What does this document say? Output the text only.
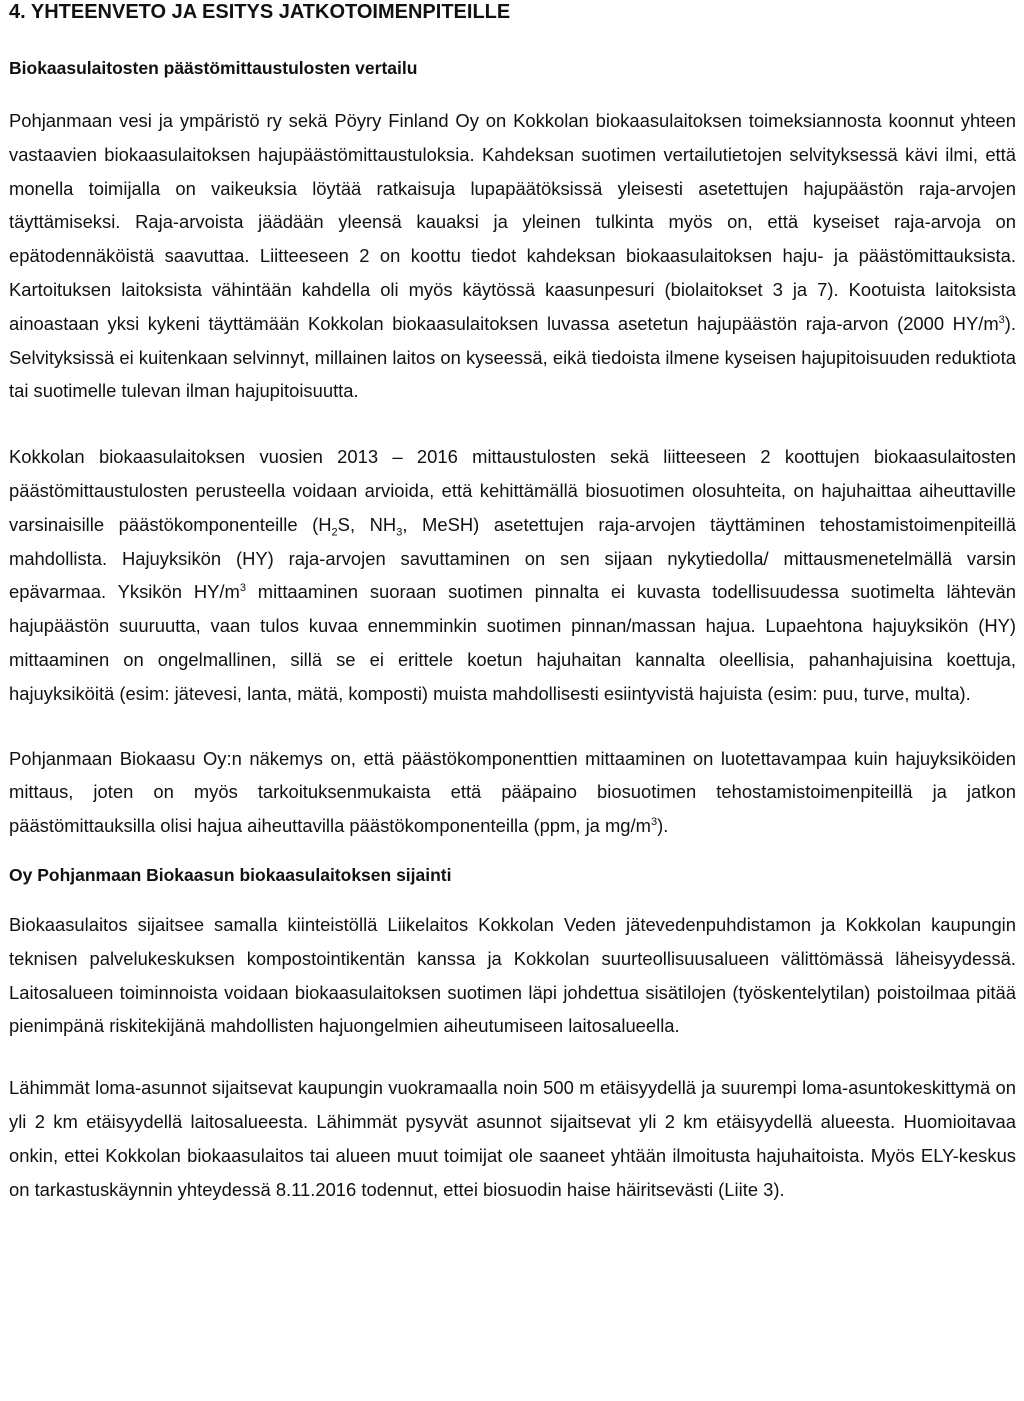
4. YHTEENVETO JA ESITYS JATKOTOIMENPITEILLE
Biokaasulaitosten päästömittaustulosten vertailu

Pohjanmaan vesi ja ympäristö ry sekä Pöyry Finland Oy on Kokkolan biokaasulaitoksen toimeksiannosta koonnut yhteen vastaavien biokaasulaitoksen hajupäästömittaustuloksia. Kahdeksan suotimen vertailutietojen selvityksessä kävi ilmi, että monella toimijalla on vaikeuksia löytää ratkaisuja lupapäätöksissä yleisesti asetettujen hajupäästön raja-arvojen täyttämiseksi. Raja-arvoista jäädään yleensä kauaksi ja yleinen tulkinta myös on, että kyseiset raja-arvoja on epätodennäköistä saavuttaa. Liitteeseen 2 on koottu tiedot kahdeksan biokaasulaitoksen haju- ja päästömittauksista. Kartoituksen laitoksista vähintään kahdella oli myös käytössä kaasunpesuri (biolaitokset 3 ja 7). Kootuista laitoksista ainoastaan yksi kykeni täyttämään Kokkolan biokaasulaitoksen luvassa asetetun hajupäästön raja-arvon (2000 $HY/m^3$). Selvityksissä ei kuitenkaan selvinnyt, millainen laitos on kyseessä, eikä tiedoista ilmene kyseisen hajupitoisuuden reduktiota tai suotimelle tulevan ilman hajupitoisuutta.

Kokkolan biokaasulaitoksen vuosien 2013 – 2016 mittaustulosten sekä liitteeseen 2 koottujen biokaasulaitosten päästömittaustulosten perusteella voidaan arvioida, että kehittämällä biosuotimen olosuhteita, on hajuhaittaa aiheuttaville varsinaisille päästökomponenteille ($H_2S$, $NH_3$, MeSH) asetettujen raja-arvojen täyttäminen tehostamistoimenpiteillä mahdollista. Hajuyksikön (HY) raja-arvojen savuttaminen on sen sijaan nykytiedolla/ mittausmenetelmällä varsin epävarmaa. Yksikön $HY/m^3$ mittaaminen suoraan suotimen pinnalta ei kuvasta todellisuudessa suotimelta lähtevän hajupäästön suuruutta, vaan tulos kuvaa ennemminkin suotimen pinnan/massan hajua. Lupaehtona hajuyksikön (HY) mittaaminen on ongelmallinen, sillä se ei erittele koetun hajuhaitan kannalta oleellisia, pahanhajuisina koettuja, hajuyksiköitä (esim: jätevesi, lanta, mätä, komposti) muista mahdollisesti esiintyvistä hajuista (esim: puu, turve, multa).

Pohjanmaan Biokaasu Oy:n näkemys on, että päästökomponenttien mittaaminen on luotettavampaa kuin hajuyksiköiden mittaus, joten on myös tarkoituksenmukaista että pääpaino biosuotimen tehostamistoimenpiteillä ja jatkon päästömittauksilla olisi hajua aiheuttavilla päästökomponenteilla (ppm, ja $mg/m^3$).

Oy Pohjanmaan Biokaasun biokaasulaitoksen sijainti

Biokaasulaitos sijaitsee samalla kiinteistöllä Liikelaitos Kokkolan Veden jätevedenpuhdistamon ja Kokkolan kaupungin teknisen palvelukeskuksen kompostointikentän kanssa ja Kokkolan suurteollisuusalueen välittömässä läheisyydessä. Laitosalueen toiminnoista voidaan biokaasulaitoksen suotimen läpi johdettua sisätilojen (työskentelytilan) poistoilmaa pitää pienimpänä riskitekijänä mahdollisten hajuongelmien aiheutumiseen laitosalueella.

Lähimmät loma-asunnot sijaitsevat kaupungin vuokramaalla noin 500 m etäisyydellä ja suurempi loma-asuntokeskittymä on yli 2 km etäisyydellä laitosalueesta. Lähimmät pysyvät asunnot sijaitsevat yli 2 km etäisyydellä alueesta. Huomioitavaa onkin, ettei Kokkolan biokaasulaitos tai alueen muut toimijat ole saaneet yhtään ilmoitusta hajuhaitoista. Myös ELY-keskus on tarkastuskäynnin yhteydessä 8.11.2016 todennut, ettei biosuodin haise häiritsevästi (Liite 3).
